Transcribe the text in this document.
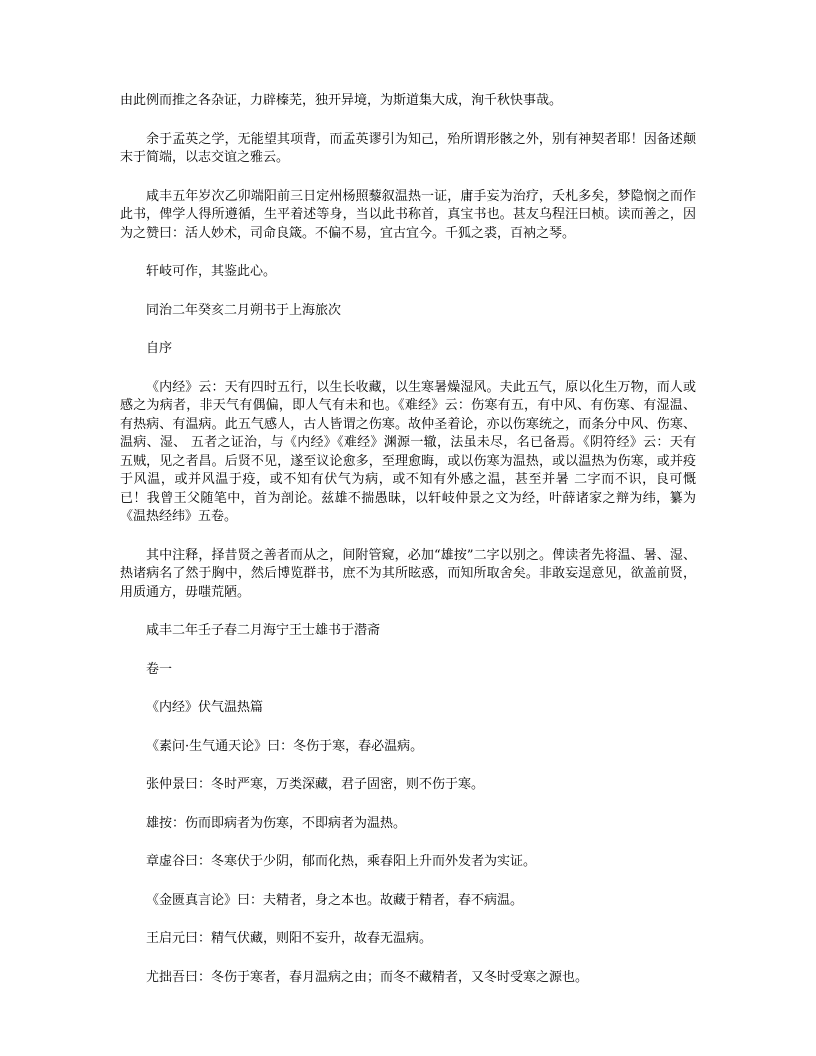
由此例而推之各杂证，力辟榛芜，独开异境，为斯道集大成，洵千秋快事哉。

余于孟英之学，无能望其项背，而孟英谬引为知己，殆所谓形骸之外，别有神契者耶！因备述颠末于简端，以志交谊之雅云。

咸丰五年岁次乙卯端阳前三日定州杨照藜叙温热一证，庸手妄为治疗，夭札多矣，梦隐悯之而作此书，俾学人得所遵循，生平着述等身，当以此书称首，真宝书也。甚友乌程汪曰桢。读而善之，因为之赞曰：活人妙术，司命良箴。不偏不易，宜古宜今。千狐之裘，百衲之琴。

轩岐可作，其鉴此心。

同治二年癸亥二月朔书于上海旅次

自序

《内经》云：天有四时五行，以生长收藏，以生寒暑燥湿风。夫此五气，原以化生万物，而人或感之为病者，非天气有偶偏，即人气有未和也。《难经》云：伤寒有五，有中风、有伤寒、有湿温、有热病、有温病。此五气感人，古人皆谓之伤寒。故仲圣着论，亦以伤寒统之，而条分中风、伤寒、温病、湿、 五者之证治，与《内经》《难经》渊源一辙，法虽未尽，名已备焉。《阴符经》云：天有五贼，见之者昌。后贤不见，遂至议论愈多，至理愈晦，或以伤寒为温热，或以温热为伤寒，或并疫于风温，或并风温于疫，或不知有伏气为病，或不知有外感之温，甚至并暑 二字而不识，良可慨已！我曾王父随笔中，首为剖论。兹雄不揣愚昧，以轩岐仲景之文为经，叶薛诸家之辩为纬，纂为《温热经纬》五卷。

其中注释，择昔贤之善者而从之，间附管窥，必加“雄按”二字以别之。俾读者先将温、暑、湿、热诸病名了然于胸中，然后博览群书，庶不为其所眩惑，而知所取舍矣。非敢妄逞意见，欲盖前贤，用质通方，毋嗤荒陋。

咸丰二年壬子春二月海宁王士雄书于潜斋

卷一

《内经》伏气温热篇

《素问·生气通天论》曰：冬伤于寒，春必温病。

张仲景曰：冬时严寒，万类深藏，君子固密，则不伤于寒。

雄按：伤而即病者为伤寒，不即病者为温热。

章虚谷曰：冬寒伏于少阴，郁而化热，乘春阳上升而外发者为实证。

《金匮真言论》曰：夫精者，身之本也。故藏于精者，春不病温。

王启元曰：精气伏藏，则阳不妄升，故春无温病。

尤拙吾曰：冬伤于寒者，春月温病之由；而冬不藏精者，又冬时受寒之源也。
